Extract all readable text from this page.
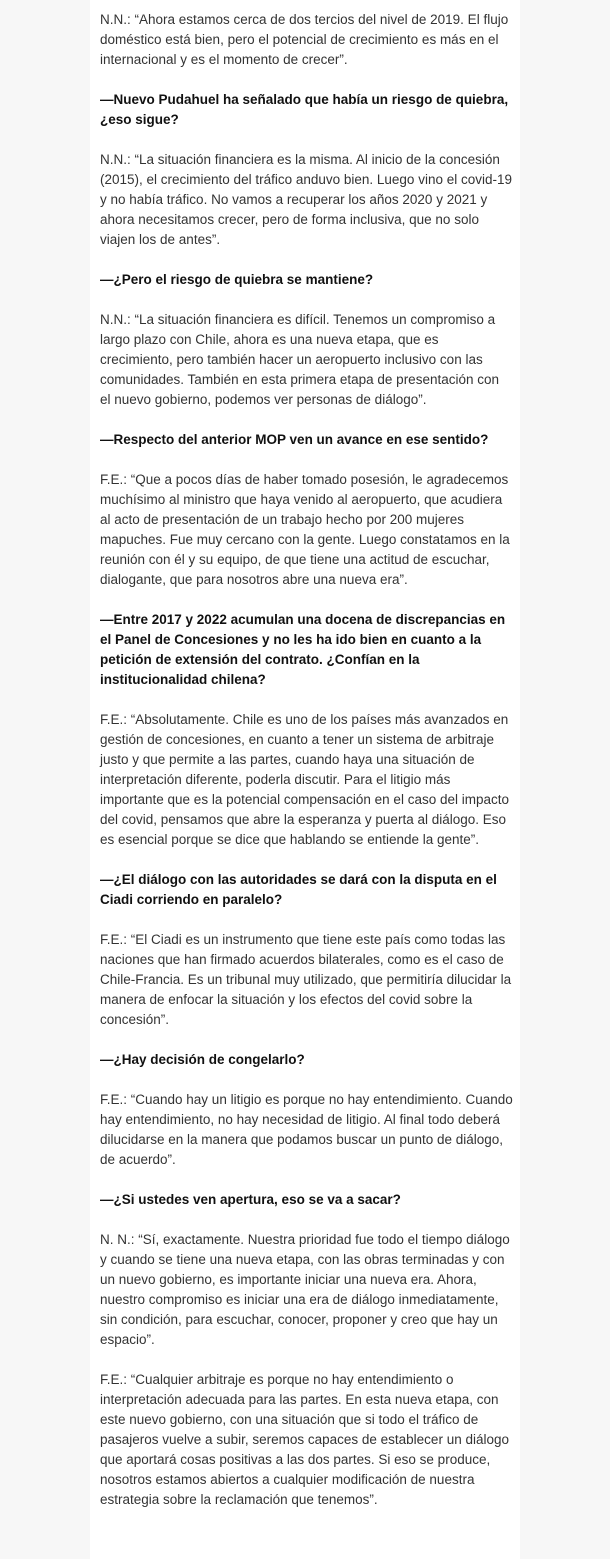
N.N.: “Ahora estamos cerca de dos tercios del nivel de 2019. El flujo doméstico está bien, pero el potencial de crecimiento es más en el internacional y es el momento de crecer”.

—Nuevo Pudahuel ha señalado que había un riesgo de quiebra, ¿eso sigue?

N.N.: “La situación financiera es la misma. Al inicio de la concesión (2015), el crecimiento del tráfico anduvo bien. Luego vino el covid-19 y no había tráfico. No vamos a recuperar los años 2020 y 2021 y ahora necesitamos crecer, pero de forma inclusiva, que no solo viajen los de antes”.

—¿Pero el riesgo de quiebra se mantiene?

N.N.: “La situación financiera es difícil. Tenemos un compromiso a largo plazo con Chile, ahora es una nueva etapa, que es crecimiento, pero también hacer un aeropuerto inclusivo con las comunidades. También en esta primera etapa de presentación con el nuevo gobierno, podemos ver personas de diálogo”.

—Respecto del anterior MOP ven un avance en ese sentido?

F.E.: “Que a pocos días de haber tomado posesión, le agradecemos muchísimo al ministro que haya venido al aeropuerto, que acudiera al acto de presentación de un trabajo hecho por 200 mujeres mapuches. Fue muy cercano con la gente. Luego constatamos en la reunión con él y su equipo, de que tiene una actitud de escuchar, dialogante, que para nosotros abre una nueva era”.

—Entre 2017 y 2022 acumulan una docena de discrepancias en el Panel de Concesiones y no les ha ido bien en cuanto a la petición de extensión del contrato. ¿Confían en la institucionalidad chilena?

F.E.: “Absolutamente. Chile es uno de los países más avanzados en gestión de concesiones, en cuanto a tener un sistema de arbitraje justo y que permite a las partes, cuando haya una situación de interpretación diferente, poderla discutir. Para el litigio más importante que es la potencial compensación en el caso del impacto del covid, pensamos que abre la esperanza y puerta al diálogo. Eso es esencial porque se dice que hablando se entiende la gente”.

—¿El diálogo con las autoridades se dará con la disputa en el Ciadi corriendo en paralelo?

F.E.: “El Ciadi es un instrumento que tiene este país como todas las naciones que han firmado acuerdos bilaterales, como es el caso de Chile-Francia. Es un tribunal muy utilizado, que permitiría dilucidar la manera de enfocar la situación y los efectos del covid sobre la concesión”.

—¿Hay decisión de congelarlo?

F.E.: “Cuando hay un litigio es porque no hay entendimiento. Cuando hay entendimiento, no hay necesidad de litigio. Al final todo deberá dilucidarse en la manera que podamos buscar un punto de diálogo, de acuerdo”.

—¿Si ustedes ven apertura, eso se va a sacar?

N. N.: “Sí, exactamente. Nuestra prioridad fue todo el tiempo diálogo y cuando se tiene una nueva etapa, con las obras terminadas y con un nuevo gobierno, es importante iniciar una nueva era. Ahora, nuestro compromiso es iniciar una era de diálogo inmediatamente, sin condición, para escuchar, conocer, proponer y creo que hay un espacio”.

F.E.: “Cualquier arbitraje es porque no hay entendimiento o interpretación adecuada para las partes. En esta nueva etapa, con este nuevo gobierno, con una situación que si todo el tráfico de pasajeros vuelve a subir, seremos capaces de establecer un diálogo que aportará cosas positivas a las dos partes. Si eso se produce, nosotros estamos abiertos a cualquier modificación de nuestra estrategia sobre la reclamación que tenemos”.
